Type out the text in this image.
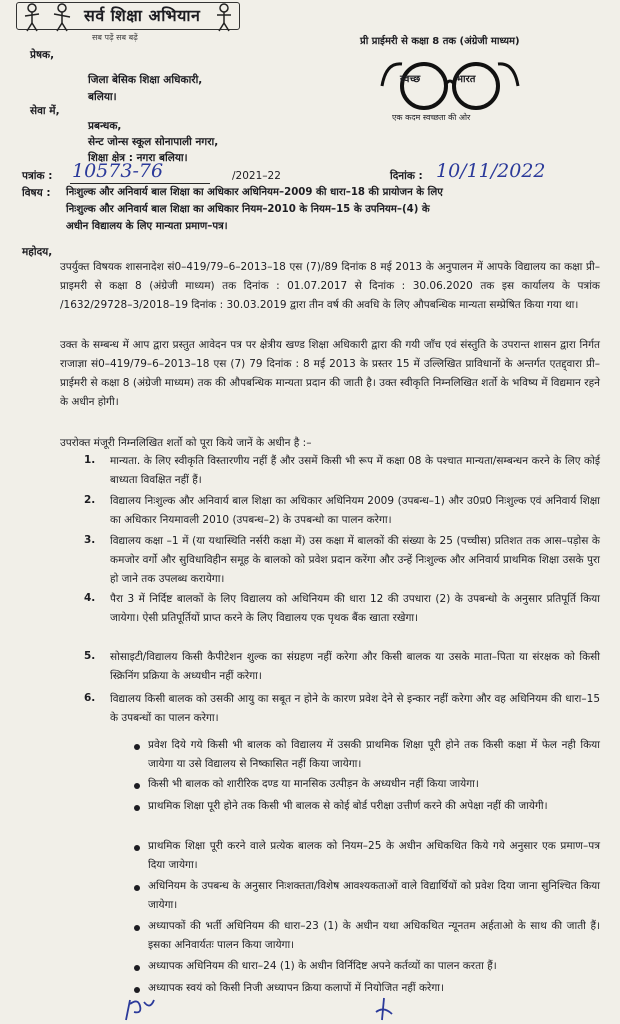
सर्व शिक्षा अभियान
सब पढ़ें सब बढ़ें	प्री प्राईमरी से कक्षा 8 तक (अंग्रेजी माध्यम)
स्वच्छ	भारत
एक कदम स्वच्छता की ओर
प्रेषक,
जिला बेसिक शिक्षा अधिकारी,
बलिया।
सेवा में,
प्रबन्धक,
सेन्ट जोन्स स्कूल सोनापाली नगरा,
शिक्षा क्षेत्र : नगरा बलिया।
पत्रांक : 10573-76	/2021–22	दिनांक : 10/11/2022
विषय : निःशुल्क और अनिवार्य बाल शिक्षा का अधिकार अधिनियम–2009 की धारा–18 की प्रायोजन के लिए
निःशुल्क और अनिवार्य बाल शिक्षा का अधिकार नियम–2010 के नियम–15 के उपनियम–(4) के
अधीन विद्यालय के लिए मान्यता प्रमाण–पत्र।
महोदय,
उपर्युक्त विषयक शासनादेश सं0–419/79–6–2013–18 एस (7)/89 दिनांक 8 मई 2013 के अनुपालन में आपके विद्यालय का कक्षा प्री–प्राइमरी से कक्षा 8 (अंग्रेजी माध्यम) तक दिनांक : 01.07.2017 से दिनांक : 30.06.2020 तक इस कार्यालय के पत्रांक /1632/29728–3/2018–19 दिनांक : 30.03.2019 द्वारा तीन वर्ष की अवधि के लिए औपबन्धिक मान्यता सम्प्रेषित किया गया था।
उक्त के सम्बन्ध में आप द्वारा प्रस्तुत आवेदन पत्र पर क्षेत्रीय खण्ड शिक्षा अधिकारी द्वारा की गयी जाँच एवं संस्तुति के उपरान्त शासन द्वारा निर्गत राजाज्ञा सं0–419/79–6–2013–18 एस (7) 79 दिनांक : 8 मई 2013 के प्रस्तर 15 में उल्लिखित प्राविधानों के अन्तर्गत एतद्द्वारा प्री–प्राईमरी से कक्षा 8 (अंग्रेजी माध्यम) तक की औपबन्धिक मान्यता प्रदान की जाती है। उक्त स्वीकृति निम्नलिखित शर्तो के भविष्य में विद्यमान रहने के अधीन होगी।
उपरोक्त मंजूरी निम्नलिखित शर्तो को पूरा किये जानें के अधीन है :–
1. मान्यता. के लिए स्वीकृति विस्तारणीय नहीं हैं और उसमें किसी भी रूप में कक्षा 08 के पश्चात मान्यता/सम्बन्धन करने के लिए कोई बाध्यता विवक्षित नहीं हैं।
2. विद्यालय निःशुल्क और अनिवार्य बाल शिक्षा का अधिकार अधिनियम 2009 (उपबन्ध–1) और उ0प्र0 निःशुल्क एवं अनिवार्य शिक्षा का अधिकार नियमावली 2010 (उपबन्ध–2) के उपबन्धो का पालन करेगा।
3. विद्यालय कक्षा –1 में (या यथास्थिति नर्सरी कक्षा में) उस कक्षा में बालकों की संख्या के 25 (पच्चीस) प्रतिशत तक आस–पड़ोस के कमजोर वर्गो और सुविधाविहीन समूह के बालको को प्रवेश प्रदान करेंगा और उन्हें निःशुल्क और अनिवार्य प्राथमिक शिक्षा उसके पुरा हो जाने तक उपलब्ध करायेगा।
4. पैरा 3 में निर्दिष्ट बालकों के लिए विद्यालय को अधिनियम की धारा 12 की उपधारा (2) के उपबन्धो के अनुसार प्रतिपूर्ति किया जायेगा। ऐसी प्रतिपूर्तियों प्राप्त करने के लिए विद्यालय एक पृथक बैंक खाता रखेगा।
5. सोसाइटी/विद्यालय किसी कैपीटेशन शुल्क का संग्रहण नहीं करेगा और किसी बालक या उसके माता–पिता या संरक्षक को किसी स्क्रिनिंग प्रक्रिया के अध्यधीन नहीं करेगा।
6. विद्यालय किसी बालक को उसकी आयु का सबूत न होने के कारण प्रवेश देने से इन्कार नहीं करेगा और वह अधिनियम की धारा–15 के उपबन्धों का पालन करेगा।
प्रवेश दिये गये किसी भी बालक को विद्यालय में उसकी प्राथमिक शिक्षा पूरी होने तक किसी कक्षा में फेल नही किया जायेगा या उसे विद्यालय से निष्कासित नहीं किया जायेगा।
किसी भी बालक को शारीरिक दण्ड या मानसिक उत्पीड़न के अध्यधीन नहीं किया जायेगा।
प्राथमिक शिक्षा पूरी होने तक किसी भी बालक से कोई बोर्ड परीक्षा उत्तीर्ण करने की अपेक्षा नहीं की जायेगी।
प्राथमिक शिक्षा पूरी करने वाले प्रत्येक बालक को नियम–25 के अधीन अधिकथित किये गये अनुसार एक प्रमाण–पत्र दिया जायेगा।
अधिनियम के उपबन्ध के अनुसार निःशक्तता/विशेष आवश्यकताओं वाले विद्यार्थियों को प्रवेश दिया जाना सुनिश्चित किया जायेगा।
अध्यापकों की भर्ती अधिनियम की धारा–23 (1) के अधीन यथा अधिकथित न्यूनतम अर्हताओ के साथ की जाती हैं। इसका अनिवार्यतः पालन किया जायेगा।
अध्यापक अधिनियम की धारा–24 (1) के अधीन विर्निदिष्ट अपने कर्तव्यों का पालन करता हैं।
अध्यापक स्वयं को किसी निजी अध्यापन क्रिया कलापों में नियोजित नहीं करेगा।
